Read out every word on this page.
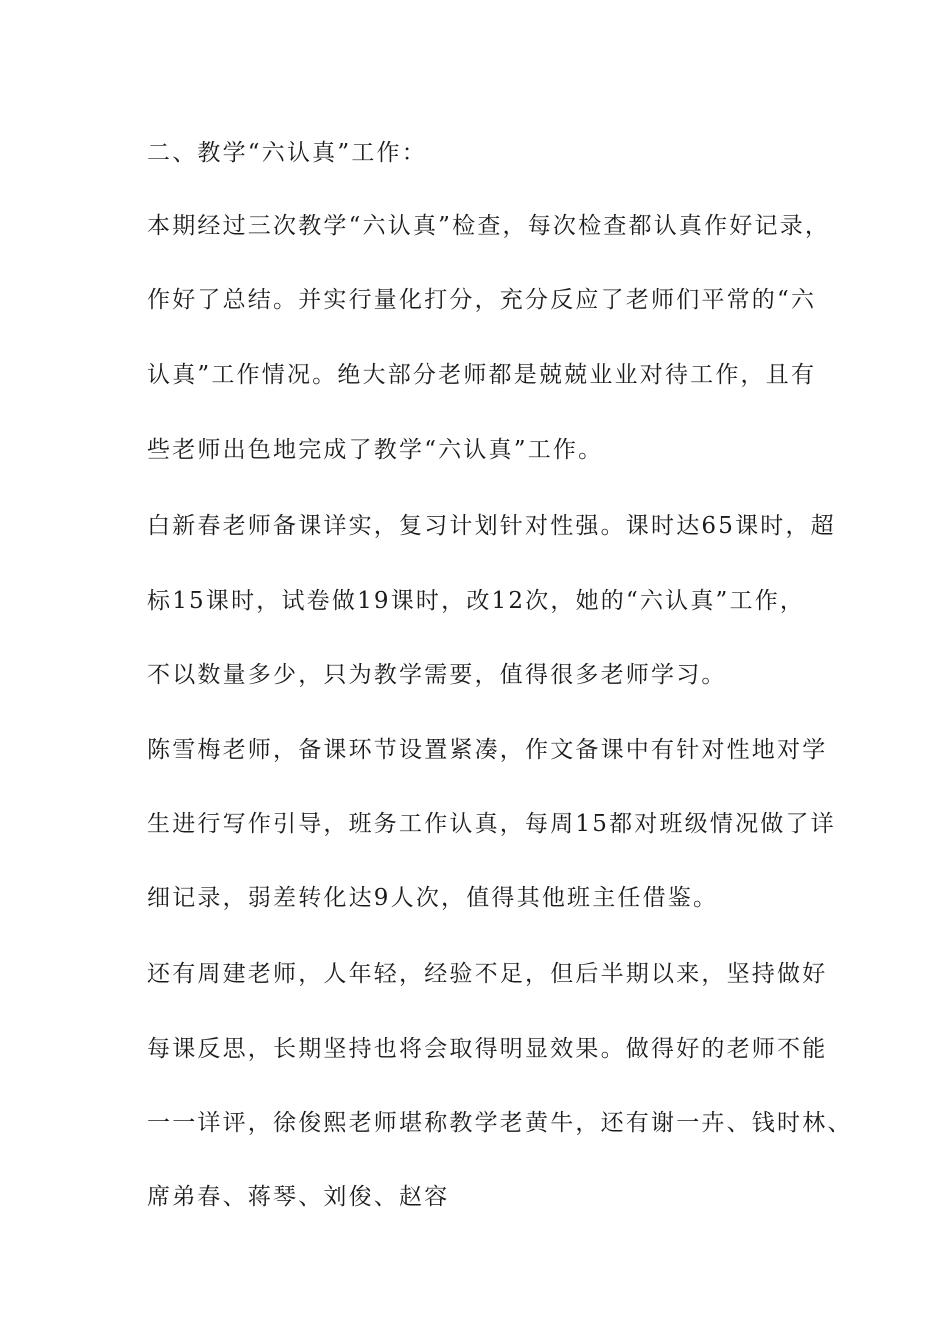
二、教学“六认真”工作：

本期经过三次教学“六认真”检查，每次检查都认真作好记录，

作好了总结。并实行量化打分，充分反应了老师们平常的“六

认真”工作情况。绝大部分老师都是兢兢业业对待工作，且有

些老师出色地完成了教学“六认真”工作。

白新春老师备课详实，复习计划针对性强。课时达65课时，超

标15课时，试卷做19课时，改12次，她的“六认真”工作，

不以数量多少，只为教学需要，值得很多老师学习。

陈雪梅老师，备课环节设置紧凑，作文备课中有针对性地对学

生进行写作引导，班务工作认真，每周15都对班级情况做了详

细记录，弱差转化达9人次，值得其他班主任借鉴。

还有周建老师，人年轻，经验不足，但后半期以来，坚持做好

每课反思，长期坚持也将会取得明显效果。做得好的老师不能

一一详评，徐俊熙老师堪称教学老黄牛，还有谢一卉、钱时林、

席弟春、蒋琴、刘俊、赵容
